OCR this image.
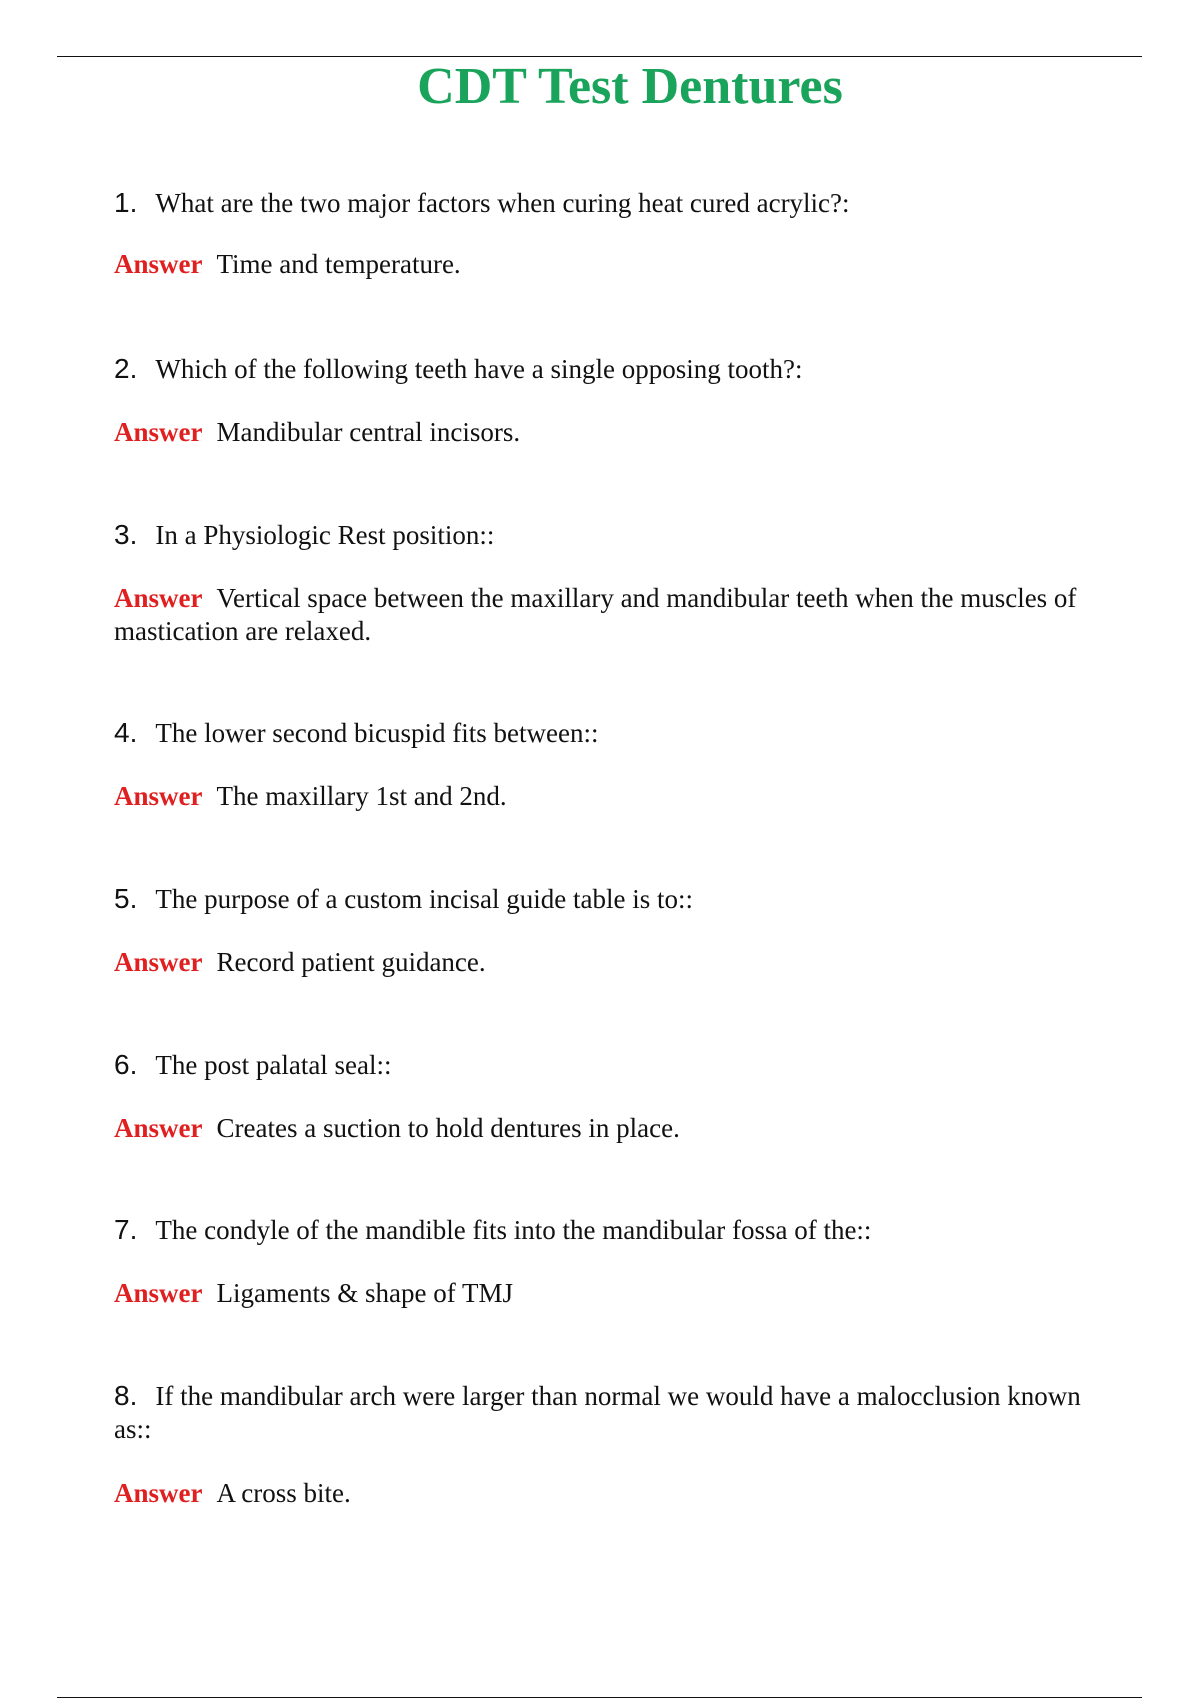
CDT Test Dentures

1. What are the two major factors when curing heat cured acrylic?:

Answer Time and temperature.

2. Which of the following teeth have a single opposing tooth?:

Answer Mandibular central incisors.

3. In a Physiologic Rest position::

Answer Vertical space between the maxillary and mandibular teeth when the muscles of mastication are relaxed.

4. The lower second bicuspid fits between::

Answer The maxillary 1st and 2nd.

5. The purpose of a custom incisal guide table is to::

Answer Record patient guidance.

6. The post palatal seal::

Answer Creates a suction to hold dentures in place.

7. The condyle of the mandible fits into the mandibular fossa of the::

Answer Ligaments & shape of TMJ

8. If the mandibular arch were larger than normal we would have a malocclusion known as::

Answer A cross bite.
